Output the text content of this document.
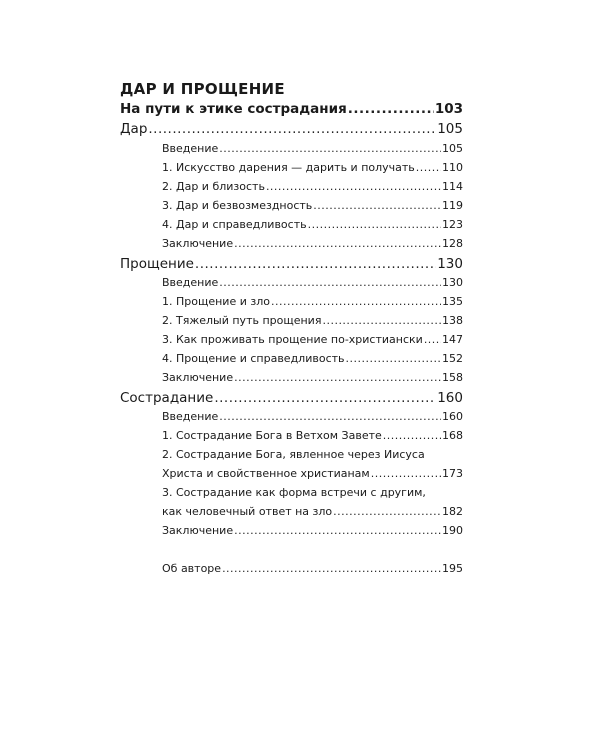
ДАР И ПРОЩЕНИЕ
На пути к этике сострадания .....	103
Дар .....	105
Введение .....	105
1. Искусство дарения — дарить и получать ..... 110
2. Дар и близость .....	114
3. Дар и безвозмездность .....	119
4. Дар и справедливость .....	123
Заключение .....	128
Прощение .....	130
Введение .....	130
1. Прощение и зло .....	135
2. Тяжелый путь прощения .....	138
3. Как проживать прощение по-христиански ..... 147
4. Прощение и справедливость .....	152
Заключение .....	158
Сострадание .....	160
Введение .....	160
1. Сострадание Бога в Ветхом Завете .....	168
2. Сострадание Бога, явленное через Иисуса
Христа и свойственное христианам .....	173
3. Сострадание как форма встречи с другим,
как человечный ответ на зло .....	182
Заключение .....	190
Об авторе .....	195
